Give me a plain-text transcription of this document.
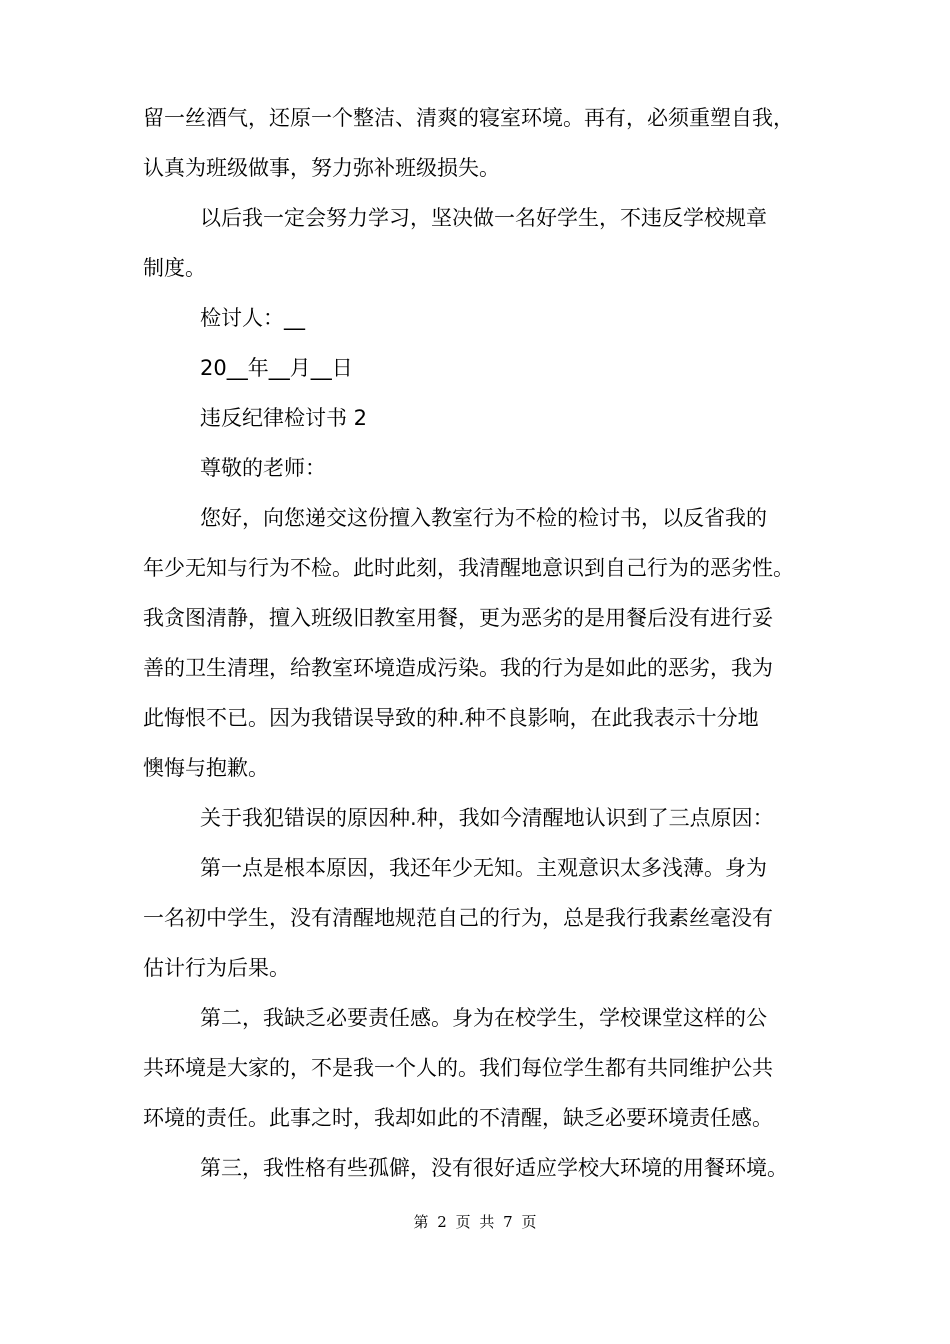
留一丝酒气，还原一个整洁、清爽的寝室环境。再有，必须重塑自我，
认真为班级做事，努力弥补班级损失。
以后我一定会努力学习，坚决做一名好学生，不违反学校规章
制度。
检讨人：__
20__年__月__日
违反纪律检讨书 2
尊敬的老师：
您好，向您递交这份擅入教室行为不检的检讨书，以反省我的
年少无知与行为不检。此时此刻，我清醒地意识到自己行为的恶劣性。
我贪图清静，擅入班级旧教室用餐，更为恶劣的是用餐后没有进行妥
善的卫生清理，给教室环境造成污染。我的行为是如此的恶劣，我为
此悔恨不已。因为我错误导致的种.种不良影响，在此我表示十分地
懊悔与抱歉。
关于我犯错误的原因种.种，我如今清醒地认识到了三点原因：
第一点是根本原因，我还年少无知。主观意识太多浅薄。身为
一名初中学生，没有清醒地规范自己的行为，总是我行我素丝毫没有
估计行为后果。
第二，我缺乏必要责任感。身为在校学生，学校课堂这样的公
共环境是大家的，不是我一个人的。我们每位学生都有共同维护公共
环境的责任。此事之时，我却如此的不清醒，缺乏必要环境责任感。
第三，我性格有些孤僻，没有很好适应学校大环境的用餐环境。
第 2 页 共 7 页
